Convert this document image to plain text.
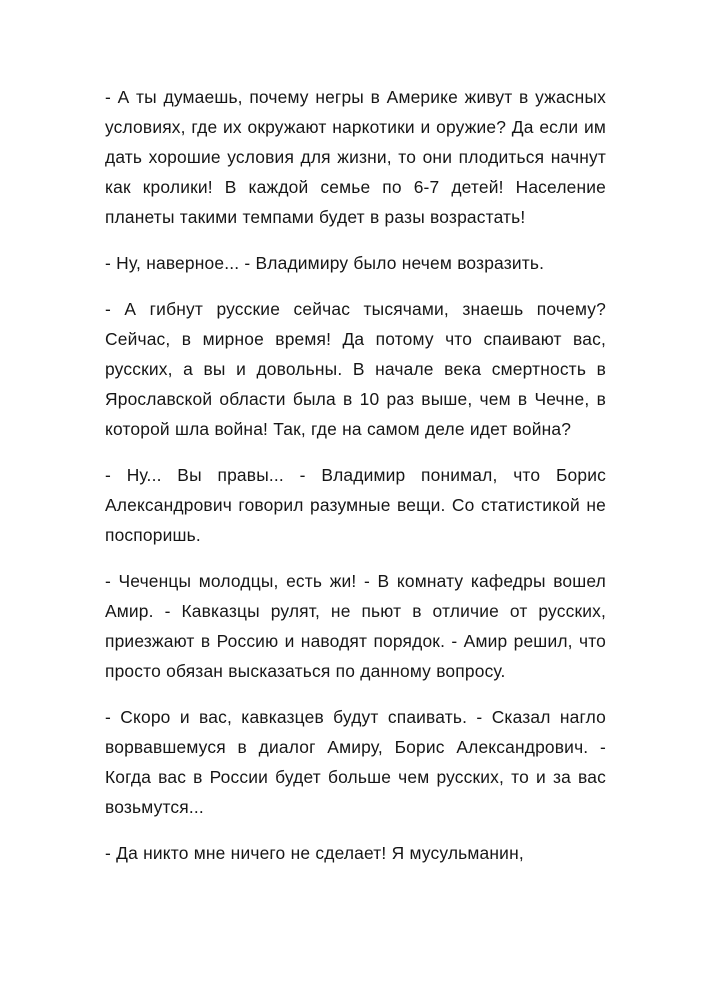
- А ты думаешь, почему негры в Америке живут в ужасных условиях, где их окружают наркотики и оружие? Да если им дать хорошие условия для жизни, то они плодиться начнут как кролики! В каждой семье по 6-7 детей! Население планеты такими темпами будет в разы возрастать!

- Ну, наверное... - Владимиру было нечем возразить.

- А гибнут русские сейчас тысячами, знаешь почему? Сейчас, в мирное время! Да потому что спаивают вас, русских, а вы и довольны. В начале века смертность в Ярославской области была в 10 раз выше, чем в Чечне, в которой шла война! Так, где на самом деле идет война?

- Ну... Вы правы... - Владимир понимал, что Борис Александрович говорил разумные вещи. Со статистикой не поспоришь.

- Чеченцы молодцы, есть жи! - В комнату кафедры вошел Амир. - Кавказцы рулят, не пьют в отличие от русских, приезжают в Россию и наводят порядок. - Амир решил, что просто обязан высказаться по данному вопросу.

- Скоро и вас, кавказцев будут спаивать. - Сказал нагло ворвавшемуся в диалог Амиру, Борис Александрович. - Когда вас в России будет больше чем русских, то и за вас возьмутся...

- Да никто мне ничего не сделает! Я мусульманин,
